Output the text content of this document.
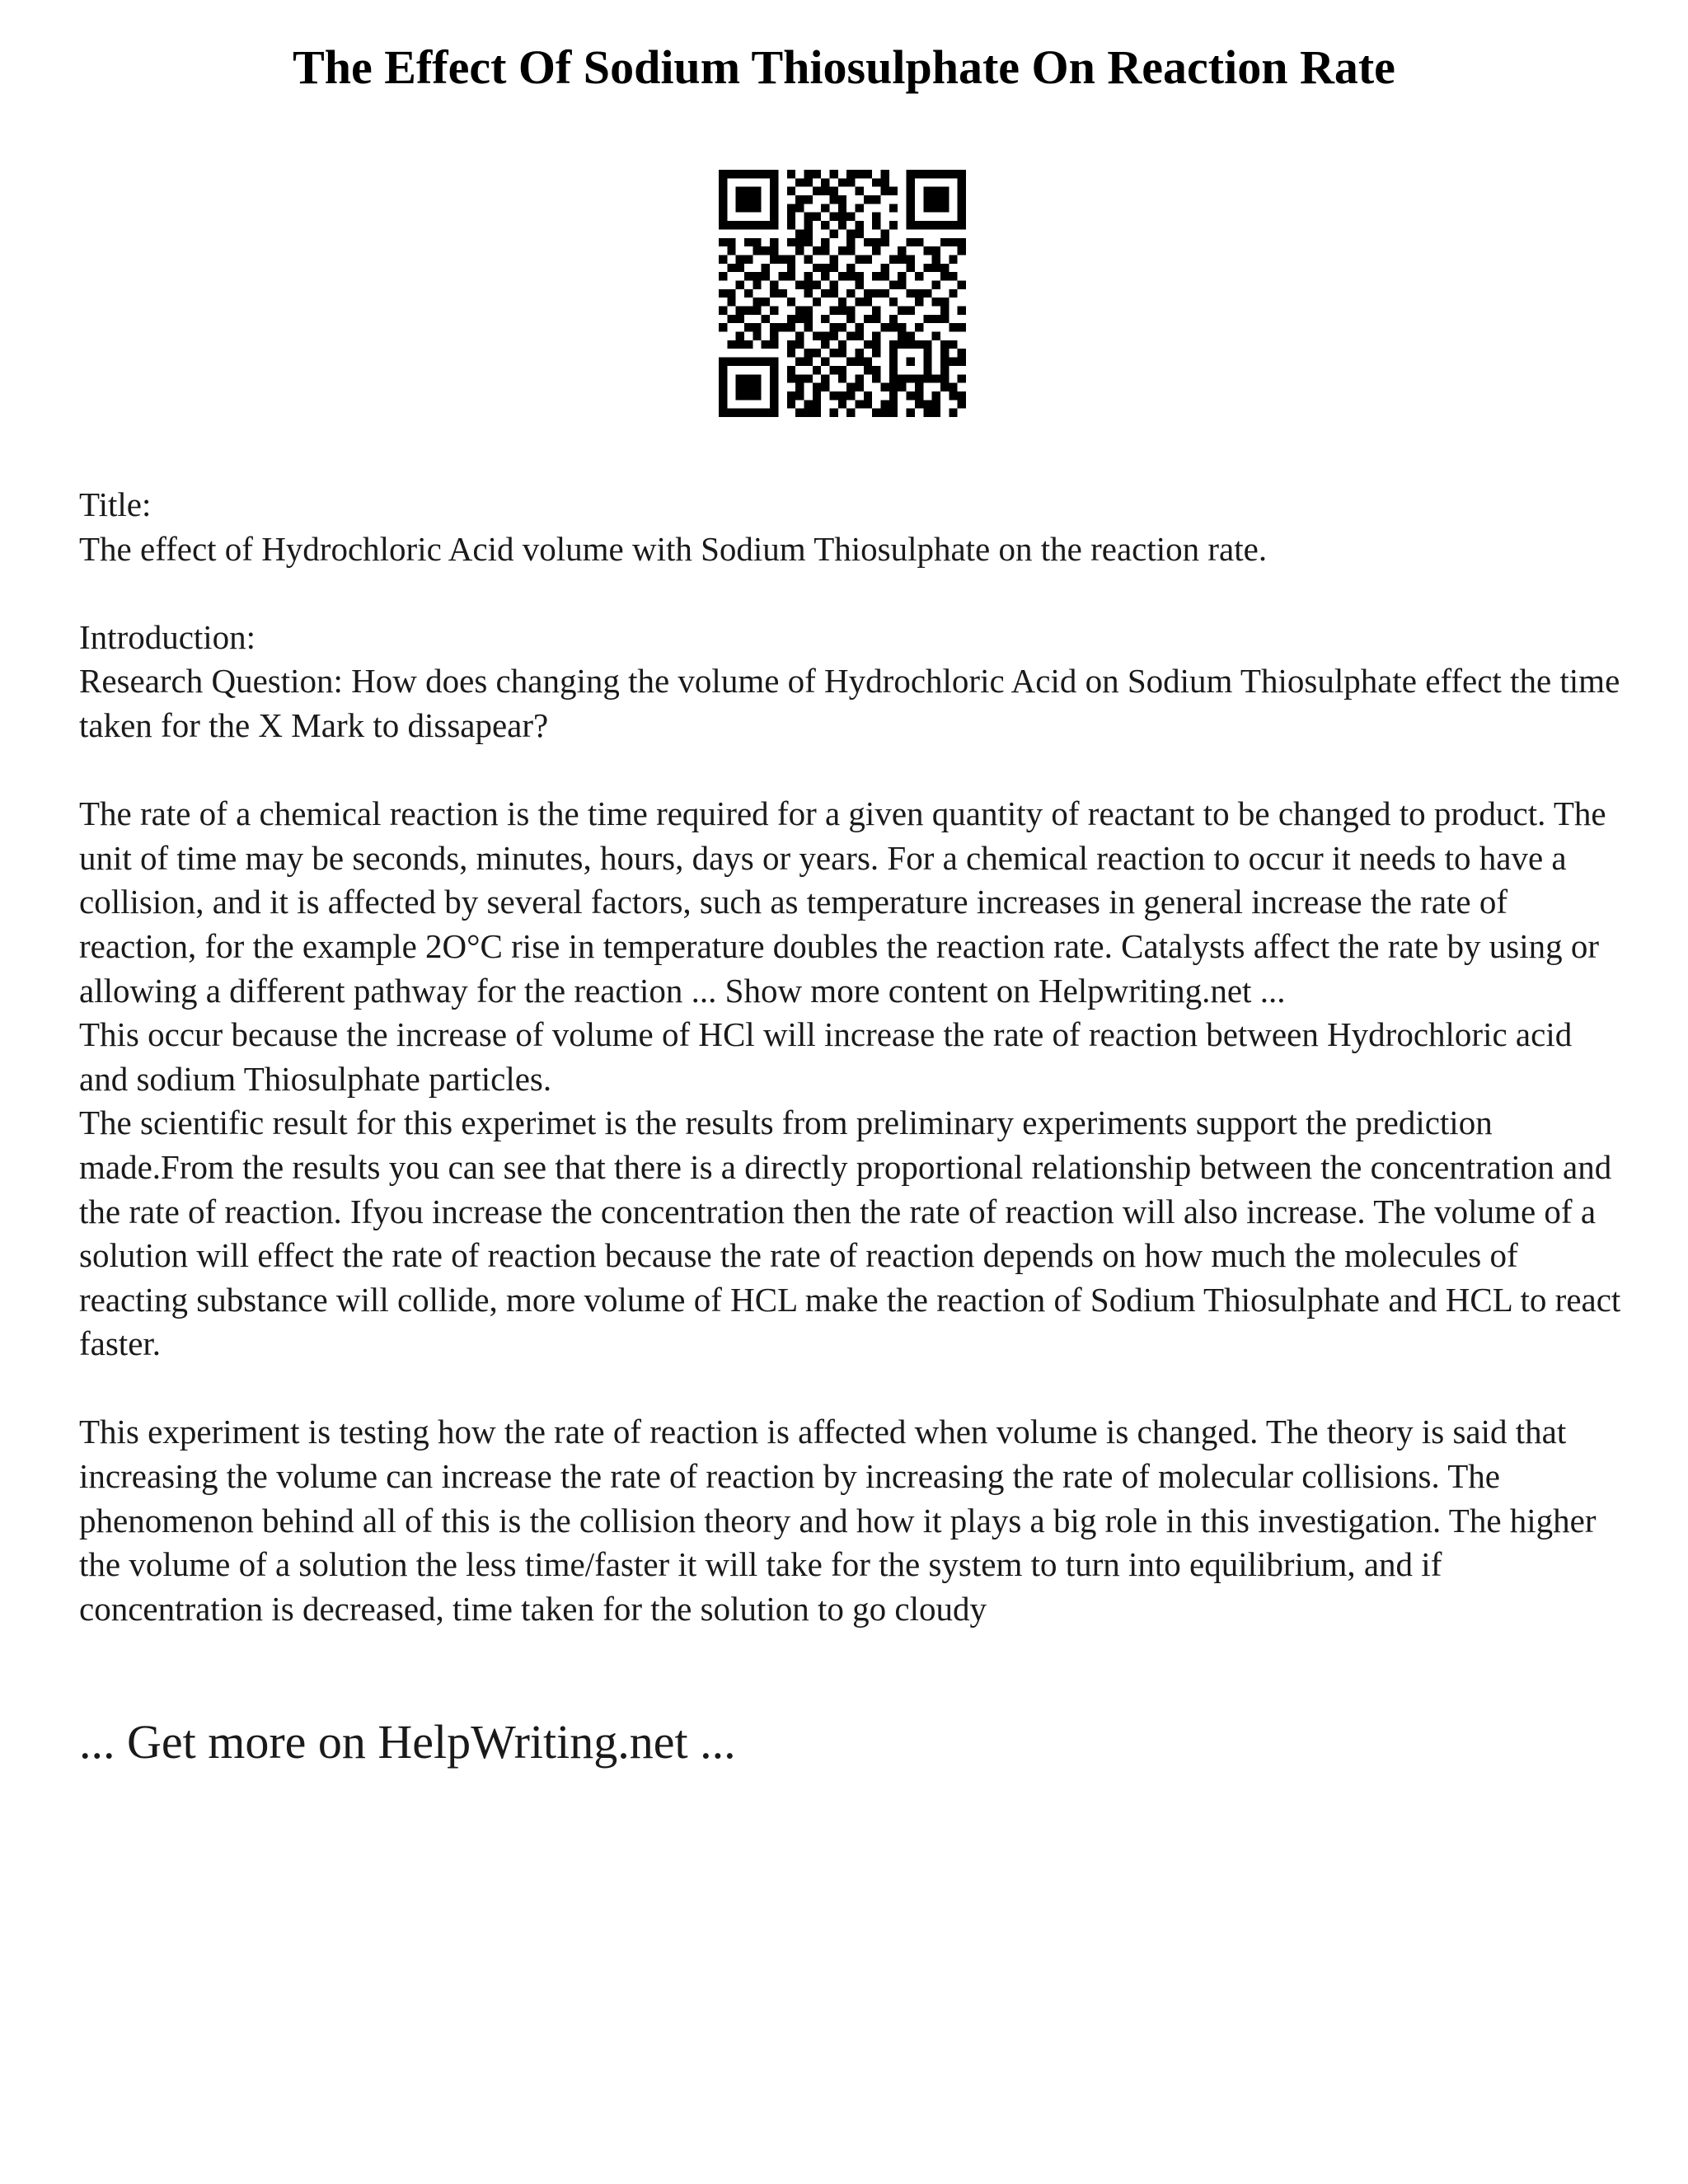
The Effect Of Sodium Thiosulphate On Reaction Rate

Title:

The effect of Hydrochloric Acid volume with Sodium Thiosulphate on the reaction rate.

Introduction:

Research Question: How does changing the volume of Hydrochloric Acid on Sodium Thiosulphate effect the time taken for the X Mark to dissapear?

The rate of a chemical reaction is the time required for a given quantity of reactant to be changed to product. The unit of time may be seconds, minutes, hours, days or years. For a chemical reaction to occur it needs to have a collision, and it is affected by several factors, such as temperature increases in general increase the rate of reaction, for the example 2O°C rise in temperature doubles the reaction rate. Catalysts affect the rate by using or allowing a different pathway for the reaction ... Show more content on Helpwriting.net ...

This occur because the increase of volume of HCl will increase the rate of reaction between Hydrochloric acid and sodium Thiosulphate particles.

The scientific result for this experimet is the results from preliminary experiments support the prediction made.From the results you can see that there is a directly proportional relationship between the concentration and the rate of reaction. Ifyou increase the concentration then the rate of reaction will also increase. The volume of a solution will effect the rate of reaction because the rate of reaction depends on how much the molecules of reacting substance will collide, more volume of HCL make the reaction of Sodium Thiosulphate and HCL to react faster.

This experiment is testing how the rate of reaction is affected when volume is changed. The theory is said that increasing the volume can increase the rate of reaction by increasing the rate of molecular collisions. The phenomenon behind all of this is the collision theory and how it plays a big role in this investigation. The higher the volume of a solution the less time/faster it will take for the system to turn into equilibrium, and if concentration is decreased, time taken for the solution to go cloudy

... Get more on HelpWriting.net ...
